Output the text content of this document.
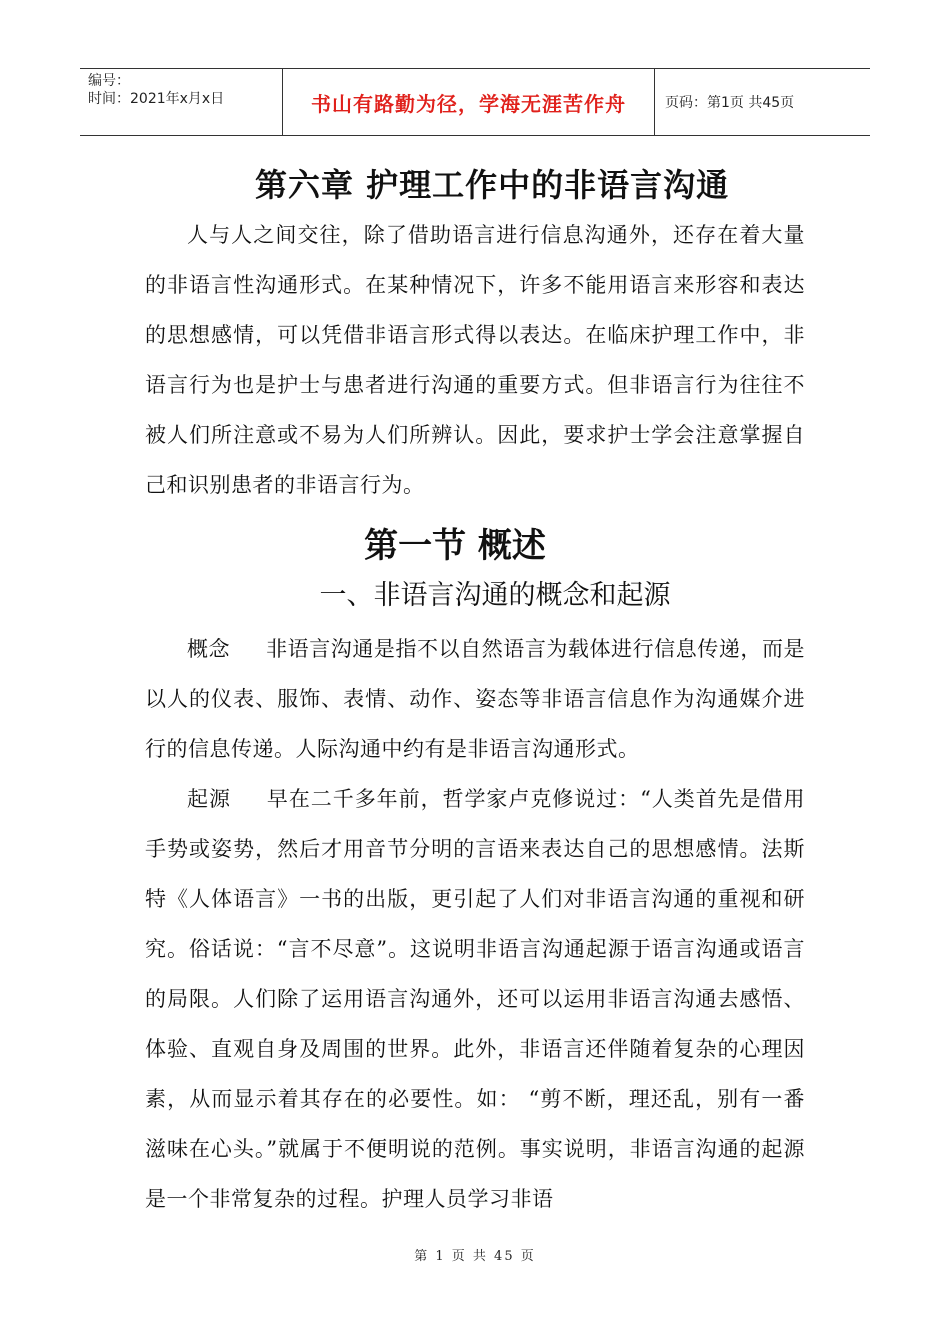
编号：
时间：2021年x月x日	书山有路勤为径，学海无涯苦作舟	页码：第1页 共45页
第六章 护理工作中的非语言沟通

人与人之间交往，除了借助语言进行信息沟通外，还存在着大量的非语言性沟通形式。在某种情况下，许多不能用语言来形容和表达的思想感情，可以凭借非语言形式得以表达。在临床护理工作中，非语言行为也是护士与患者进行沟通的重要方式。但非语言行为往往不被人们所注意或不易为人们所辨认。因此，要求护士学会注意掌握自己和识别患者的非语言行为。

第一节 概述
一、非语言沟通的概念和起源

概念 非语言沟通是指不以自然语言为载体进行信息传递，而是以人的仪表、服饰、表情、动作、姿态等非语言信息作为沟通媒介进行的信息传递。人际沟通中约有是非语言沟通形式。

起源 早在二千多年前，哲学家卢克修说过：“人类首先是借用手势或姿势，然后才用音节分明的言语来表达自己的思想感情。法斯特《人体语言》一书的出版，更引起了人们对非语言沟通的重视和研究。俗话说：“言不尽意”。这说明非语言沟通起源于语言沟通或语言的局限。人们除了运用语言沟通外，还可以运用非语言沟通去感悟、体验、直观自身及周围的世界。此外，非语言还伴随着复杂的心理因素，从而显示着其存在的必要性。如： “剪不断，理还乱，别有一番滋味在心头。”就属于不便明说的范例。事实说明，非语言沟通的起源是一个非常复杂的过程。护理人员学习非语

第 1 页 共 45 页
